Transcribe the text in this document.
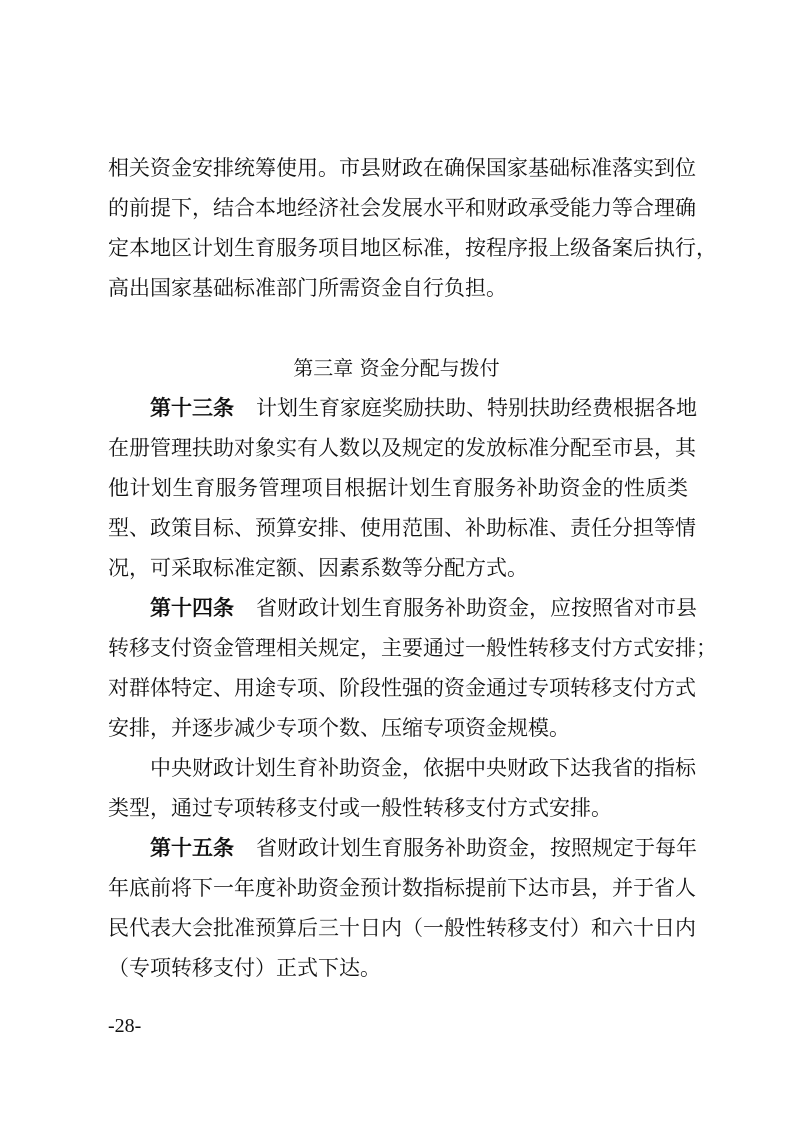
相关资金安排统筹使用。市县财政在确保国家基础标准落实到位
的前提下，结合本地经济社会发展水平和财政承受能力等合理确
定本地区计划生育服务项目地区标准，按程序报上级备案后执行，
高出国家基础标准部门所需资金自行负担。
第三章 资金分配与拨付
第十三条 计划生育家庭奖励扶助、特别扶助经费根据各地
在册管理扶助对象实有人数以及规定的发放标准分配至市县，其
他计划生育服务管理项目根据计划生育服务补助资金的性质类
型、政策目标、预算安排、使用范围、补助标准、责任分担等情
况，可采取标准定额、因素系数等分配方式。
第十四条 省财政计划生育服务补助资金，应按照省对市县
转移支付资金管理相关规定，主要通过一般性转移支付方式安排；
对群体特定、用途专项、阶段性强的资金通过专项转移支付方式
安排，并逐步减少专项个数、压缩专项资金规模。
中央财政计划生育补助资金，依据中央财政下达我省的指标
类型，通过专项转移支付或一般性转移支付方式安排。
第十五条 省财政计划生育服务补助资金，按照规定于每年
年底前将下一年度补助资金预计数指标提前下达市县，并于省人
民代表大会批准预算后三十日内（一般性转移支付）和六十日内
（专项转移支付）正式下达。
-28-
